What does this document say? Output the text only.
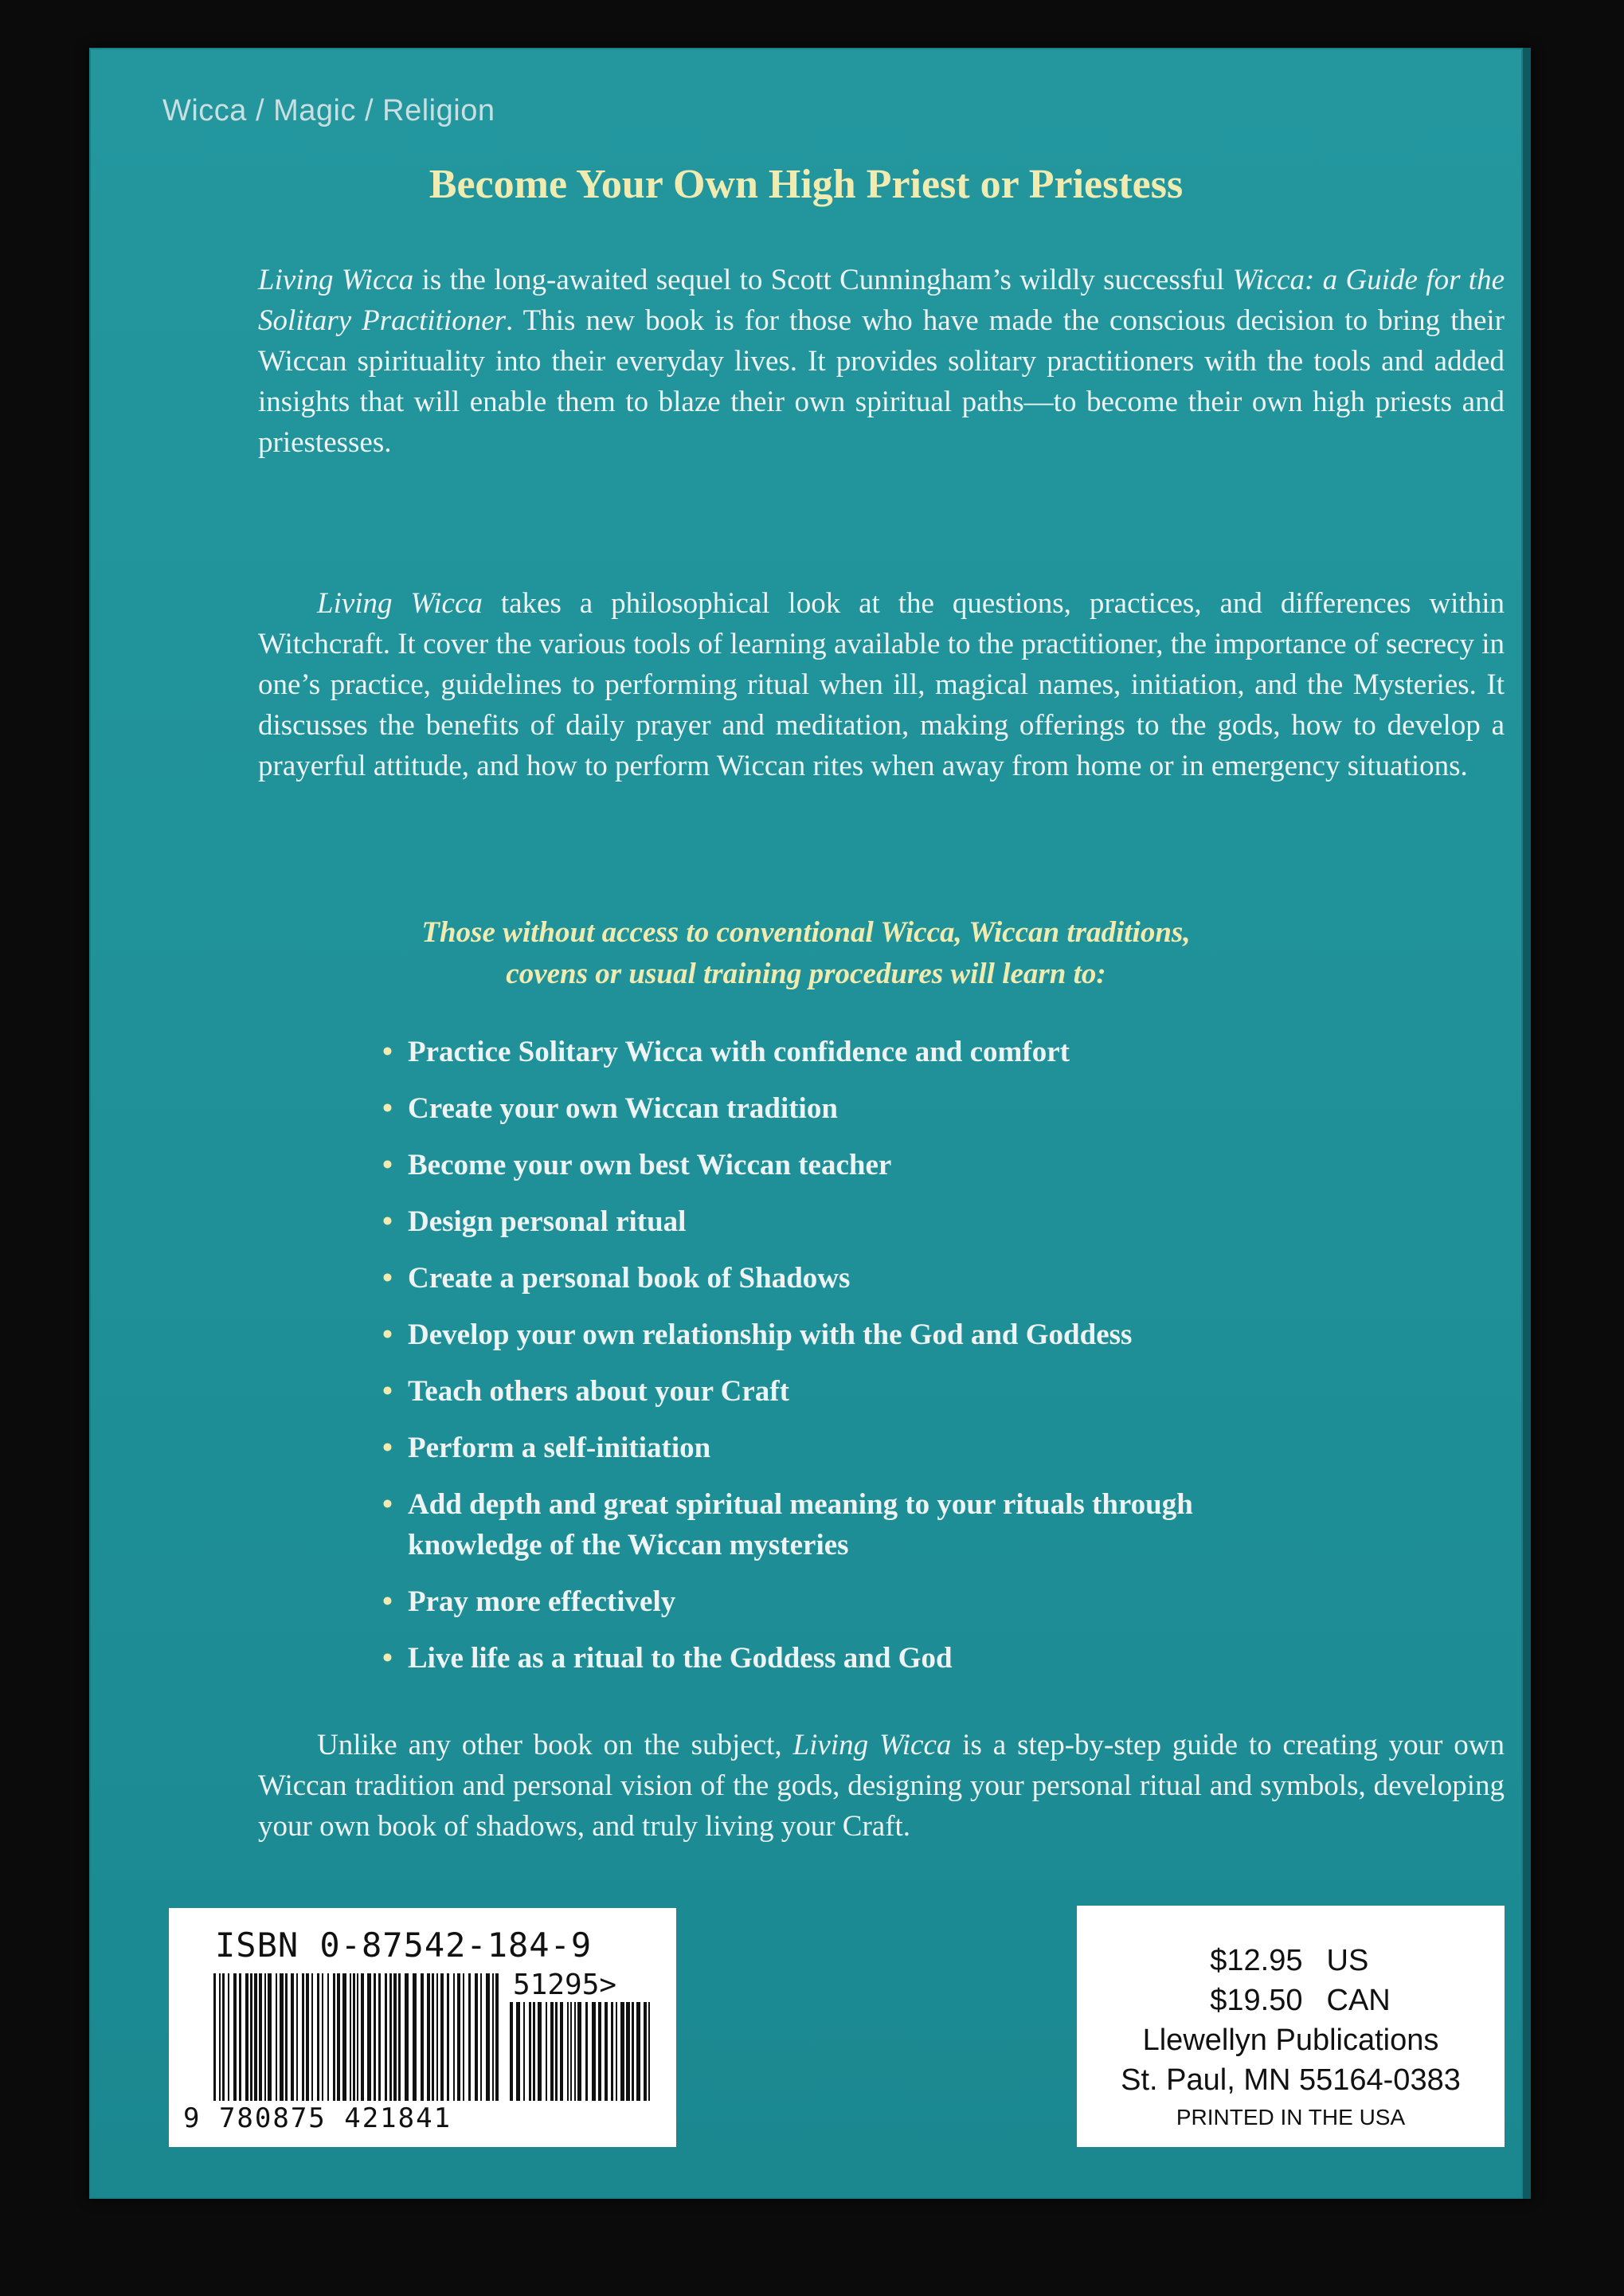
Wicca / Magic / Religion
Become Your Own High Priest or Priestess

Living Wicca is the long-awaited sequel to Scott Cunningham’s wildly successful Wicca: a Guide for the Solitary Practitioner. This new book is for those who have made the conscious decision to bring their Wiccan spirituality into their everyday lives. It provides solitary practitioners with the tools and added insights that will enable them to blaze their own spiritual paths—to become their own high priests and priestesses.

Living Wicca takes a philosophical look at the questions, practices, and differences within Witchcraft. It cover the various tools of learning available to the practitioner, the importance of secrecy in one’s practice, guidelines to performing ritual when ill, magical names, initiation, and the Mysteries. It discusses the benefits of daily prayer and meditation, making offerings to the gods, how to develop a prayerful attitude, and how to perform Wiccan rites when away from home or in emergency situations.

Those without access to conventional Wicca, Wiccan traditions,
covens or usual training procedures will learn to:

• Practice Solitary Wicca with confidence and comfort
• Create your own Wiccan tradition
• Become your own best Wiccan teacher
• Design personal ritual
• Create a personal book of Shadows
• Develop your own relationship with the God and Goddess
• Teach others about your Craft
• Perform a self-initiation
• Add depth and great spiritual meaning to your rituals through knowledge of the Wiccan mysteries
• Pray more effectively
• Live life as a ritual to the Goddess and God

Unlike any other book on the subject, Living Wicca is a step-by-step guide to creating your own Wiccan tradition and personal vision of the gods, designing your personal ritual and symbols, developing your own book of shadows, and truly living your Craft.

ISBN 0-87542-184-9
51295>
9 780875 421841
$12.95 US
$19.50 CAN
Llewellyn Publications
St. Paul, MN 55164-0383
PRINTED IN THE USA
